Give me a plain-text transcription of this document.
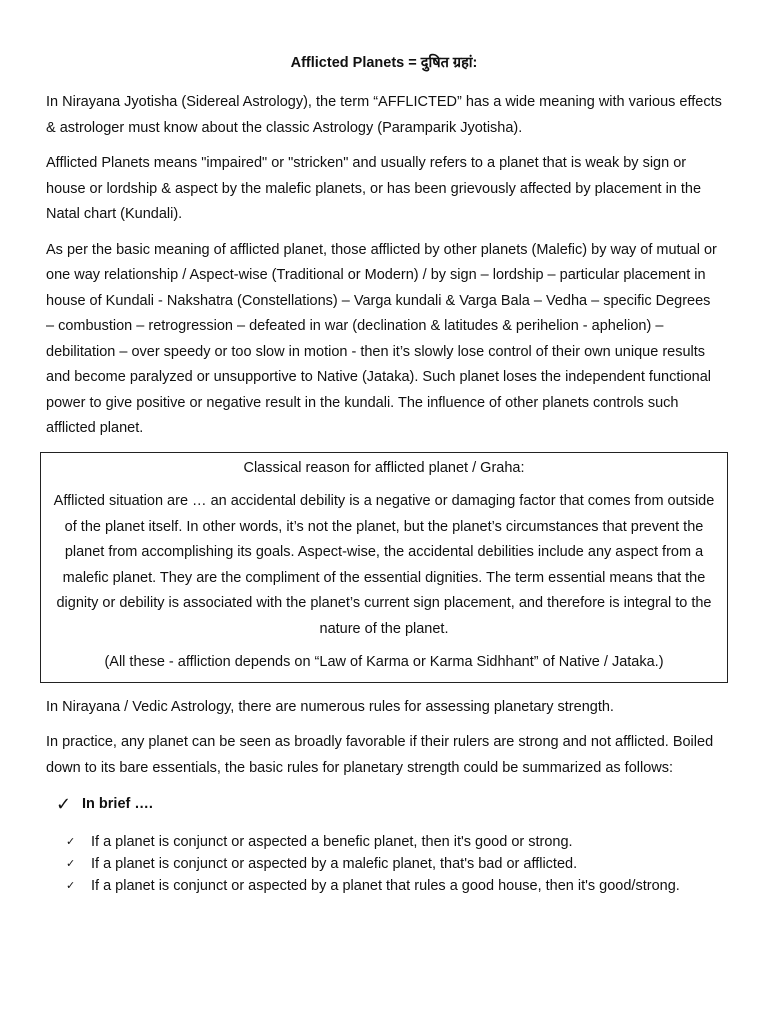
Afflicted Planets = दुषित ग्रहां:

In Nirayana Jyotisha (Sidereal Astrology), the term “AFFLICTED” has a wide meaning with various effects & astrologer must know about the classic Astrology (Paramparik Jyotisha).

Afflicted Planets means "impaired" or "stricken" and usually refers to a planet that is weak by sign or house or lordship & aspect by the malefic planets, or has been grievously affected by placement in the Natal chart (Kundali).

As per the basic meaning of afflicted planet, those afflicted by other planets (Malefic) by way of mutual or one way relationship / Aspect-wise (Traditional or Modern) / by sign – lordship – particular placement in house of Kundali - Nakshatra (Constellations) – Varga kundali & Varga Bala – Vedha – specific Degrees – combustion – retrogression – defeated in war (declination & latitudes & perihelion - aphelion) – debilitation – over speedy or too slow in motion - then it’s slowly lose control of their own unique results and become paralyzed or unsupportive to Native (Jataka). Such planet loses the independent functional power to give positive or negative result in the kundali. The influence of other planets controls such afflicted planet.

Classical reason for afflicted planet / Graha:

Afflicted situation are … an accidental debility is a negative or damaging factor that comes from outside of the planet itself. In other words, it’s not the planet, but the planet’s circumstances that prevent the planet from accomplishing its goals. Aspect-wise, the accidental debilities include any aspect from a malefic planet. They are the compliment of the essential dignities. The term essential means that the dignity or debility is associated with the planet’s current sign placement, and therefore is integral to the nature of the planet.

(All these - affliction depends on “Law of Karma or Karma Sidhhant” of Native / Jataka.)

In Nirayana / Vedic Astrology, there are numerous rules for assessing planetary strength.

In practice, any planet can be seen as broadly favorable if their rulers are strong and not afflicted. Boiled down to its bare essentials, the basic rules for planetary strength could be summarized as follows:

✓ In brief ….
✓	If a planet is conjunct or aspected a benefic planet, then it's good or strong.
✓	If a planet is conjunct or aspected by a malefic planet, that's bad or afflicted.
✓	If a planet is conjunct or aspected by a planet that rules a good house, then it's good/strong.
